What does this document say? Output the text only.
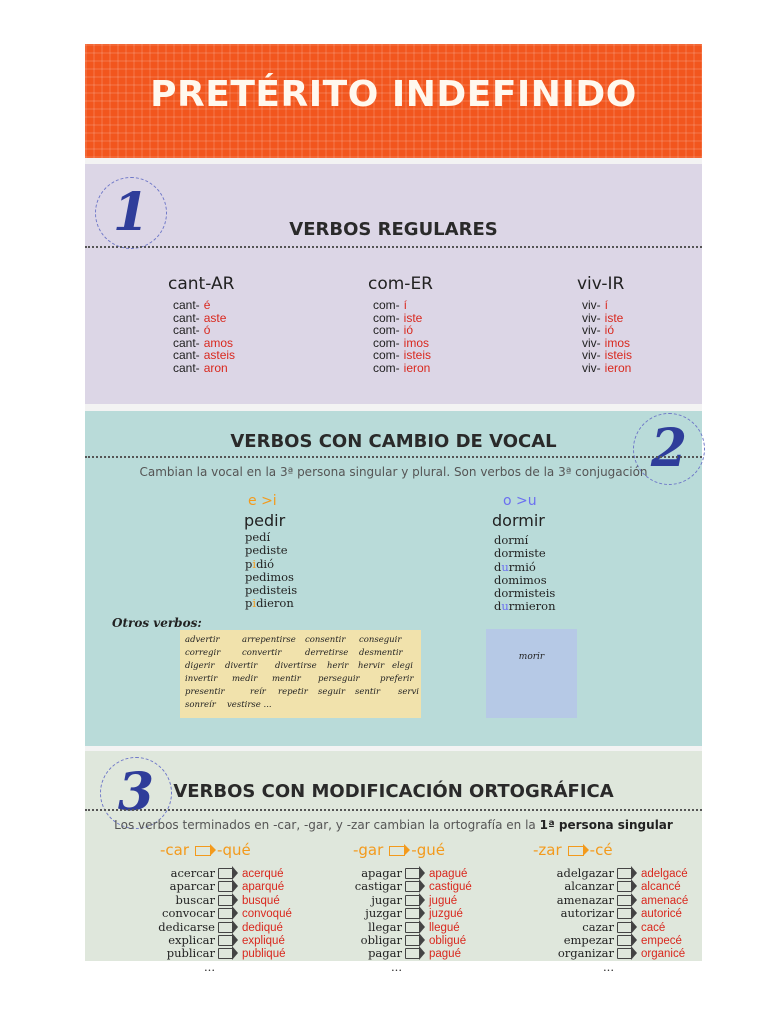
PRETÉRITO INDEFINIDO
1	VERBOS REGULARES
cant-AR
cant- é
cant- aste
cant- ó
cant- amos
cant- asteis
cant- aron
com-ER
com- í
com- iste
com- ió
com- imos
com- isteis
com- ieron
viv-IR
viv- í
viv- iste
viv- ió
viv- imos
viv- isteis
viv- ieron
2
VERBOS CON CAMBIO DE VOCAL
Cambian la vocal en la 3ª persona singular y plural. Son verbos de la 3ª conjugación
e >i
pedir
pedí
pediste
pidió
pedimos
pedisteis
pidieron
o >u
dormir
dormí
dormiste
durmió
domimos
dormisteis
durmieron
Otros verbos:
advertir	arrepentirse consentir conseguir
corregir	convertir	derretirse desmentir
digerir divertir divertirse herir hervir elegi
invertir medir mentir perseguir preferir
presentir	reír repetir seguir sentir servi
sonreír vestirse ...
morir
3	VERBOS CON MODIFICACIÓN ORTOGRÁFICA
Los verbos terminados en -car, -gar, y -zar cambian la ortografía en la 1ª persona singular
-car -qué
acercar acerqué
aparcar aparqué
buscar busqué
convocar convoqué
dedicarse dediqué
explicar expliqué
publicar publiqué
...
-gar -gué
apagar apagué
castigar castigué
jugar jugué
juzgar juzgué
llegar llegué
obligar obligué
pagar pagué
...
-zar -cé
adelgazar adelgacé
alcanzar alcancé
amenazar amenacé
autorizar autoricé
cazar cacé
empezar empecé
organizar organicé
...
